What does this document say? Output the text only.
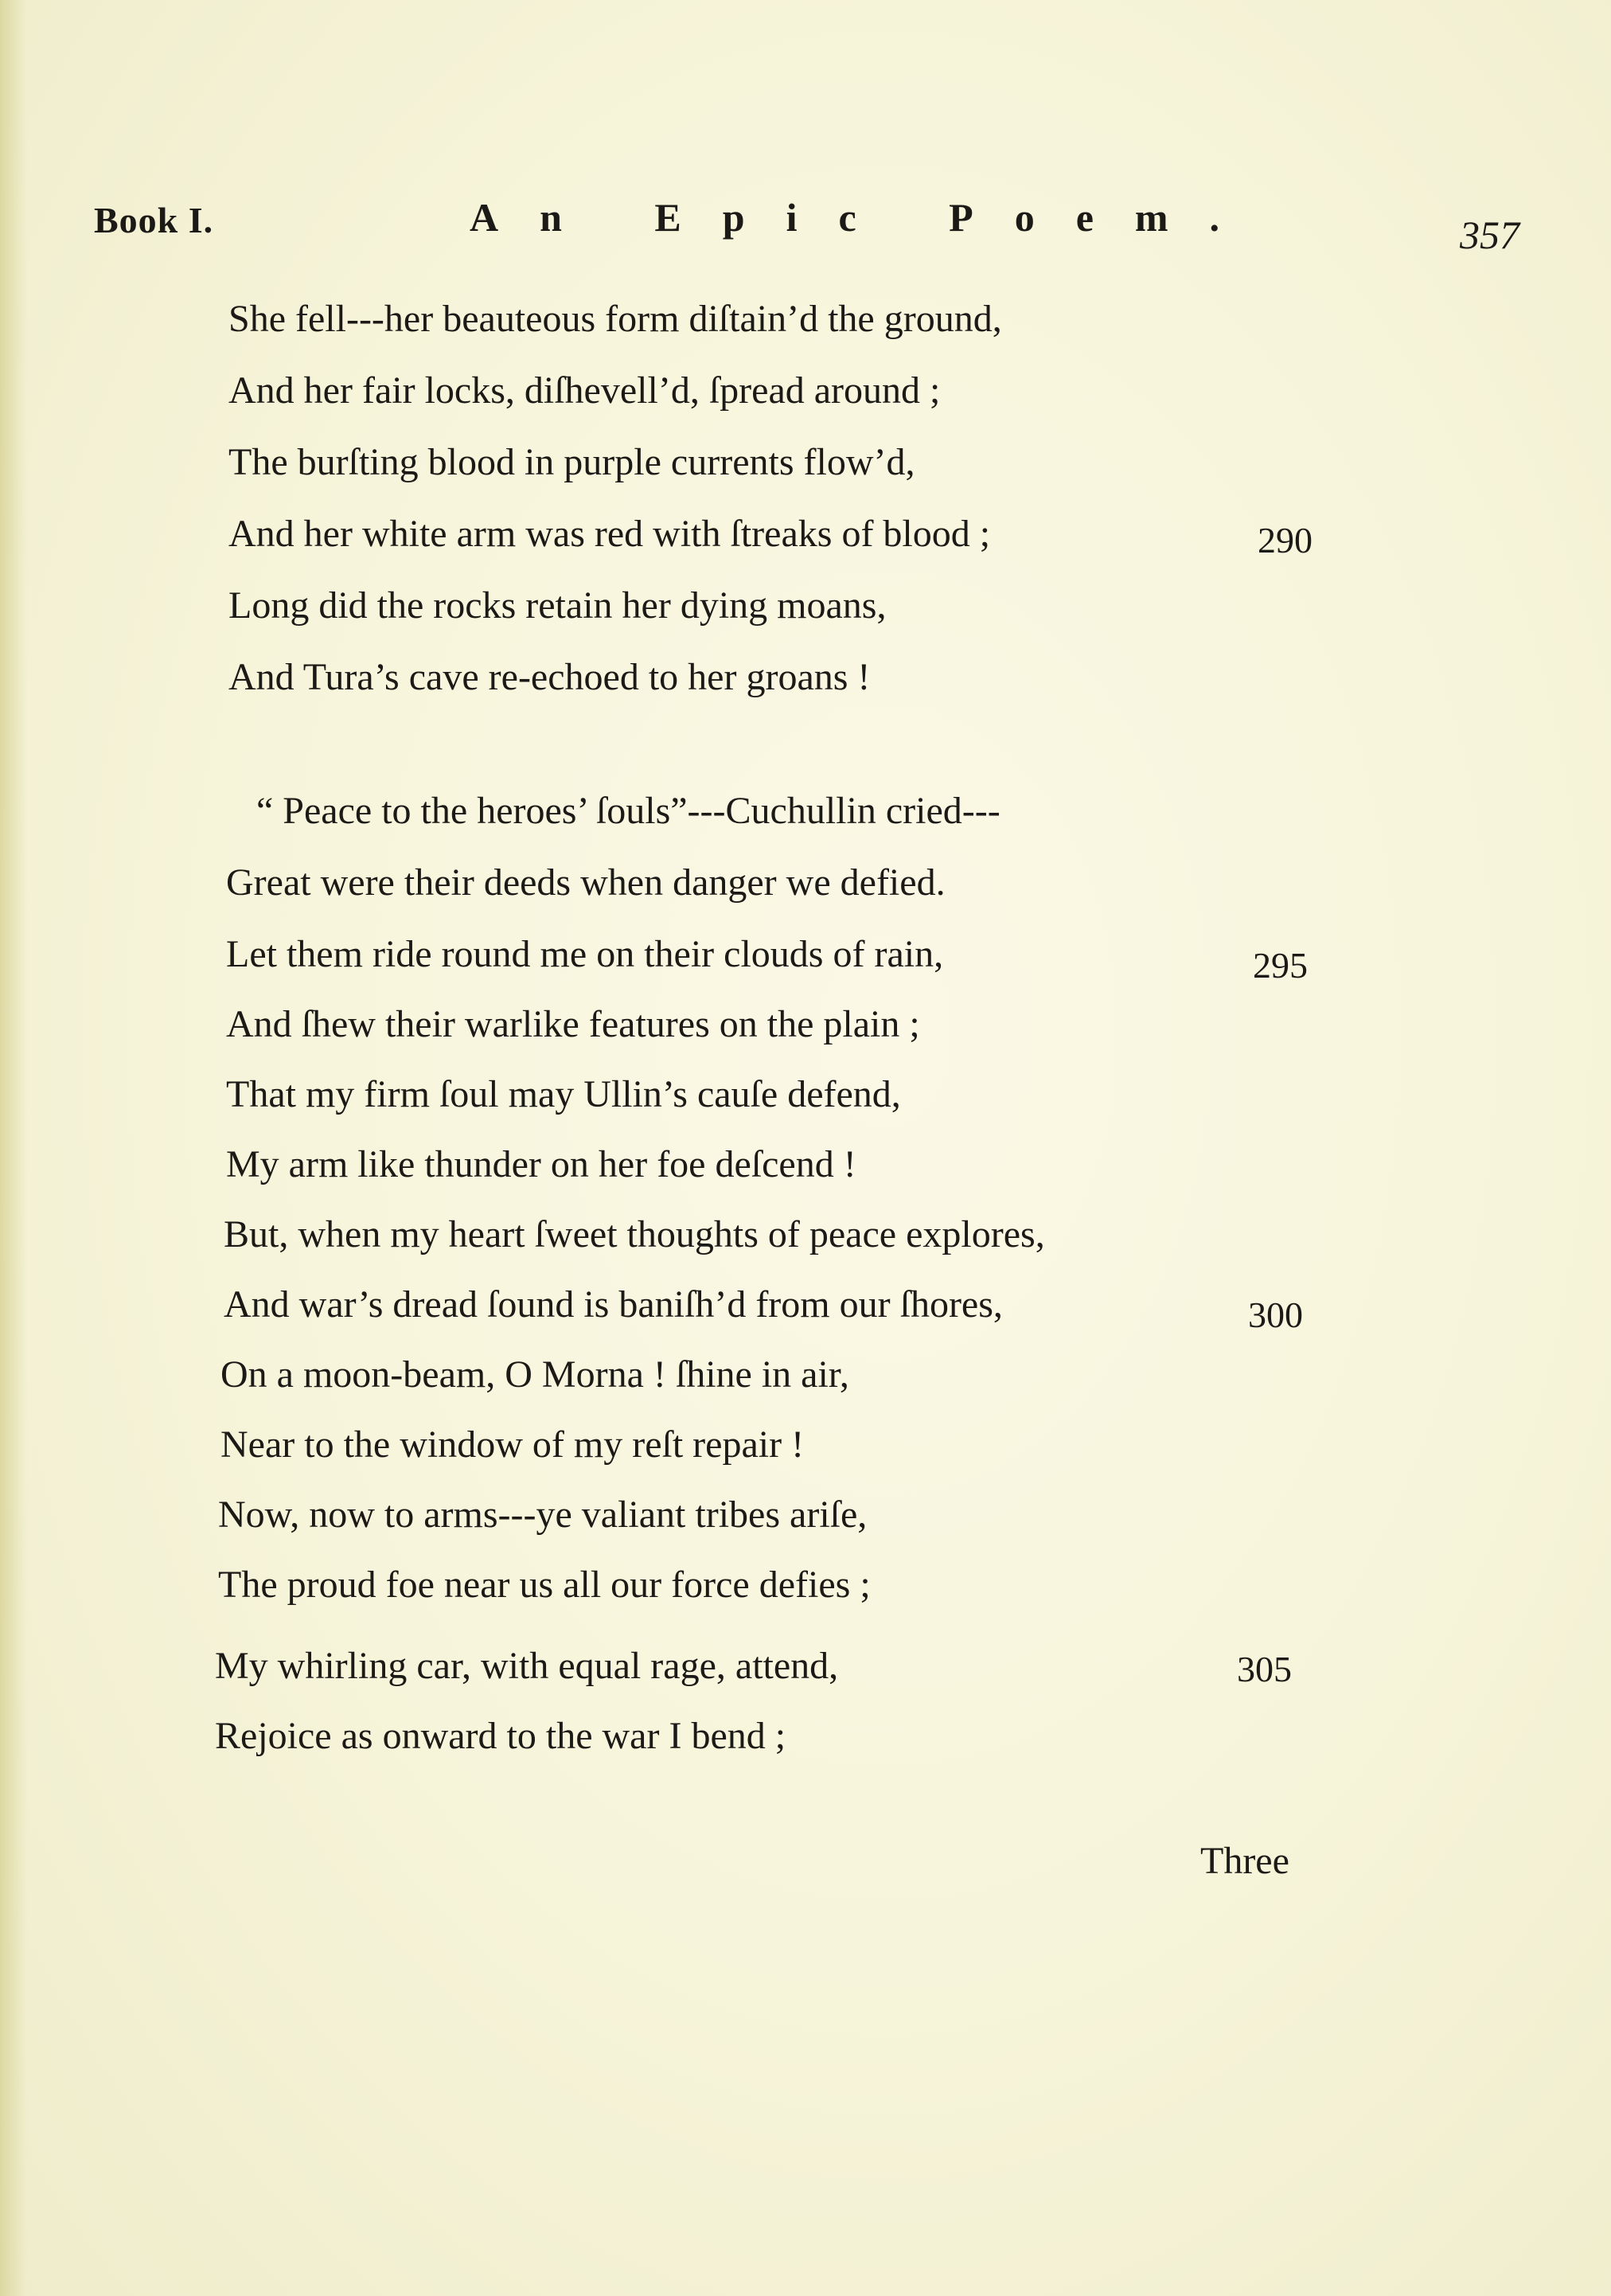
Book I.	An Epic Poem.	357
She fell---her beauteous form diſtain’d the ground,
And her fair locks, diſhevell’d, ſpread around ;
The burſting blood in purple currents flow’d,
And her white arm was red with ſtreaks of blood ;	290
Long did the rocks retain her dying moans,
And Tura’s cave re-echoed to her groans !
“ Peace to the heroes’ ſouls”---Cuchullin cried---
Great were their deeds when danger we defied.
Let them ride round me on their clouds of rain,	295
And ſhew their warlike features on the plain ;
That my firm ſoul may Ullin’s cauſe defend,
My arm like thunder on her foe deſcend !
But, when my heart ſweet thoughts of peace explores,
And war’s dread ſound is baniſh’d from our ſhores,	300
On a moon-beam, O Morna ! ſhine in air,
Near to the window of my reſt repair !
Now, now to arms---ye valiant tribes ariſe,
The proud foe near us all our force defies ;
My whirling car, with equal rage, attend,	305
Rejoice as onward to the war I bend ;
Three
